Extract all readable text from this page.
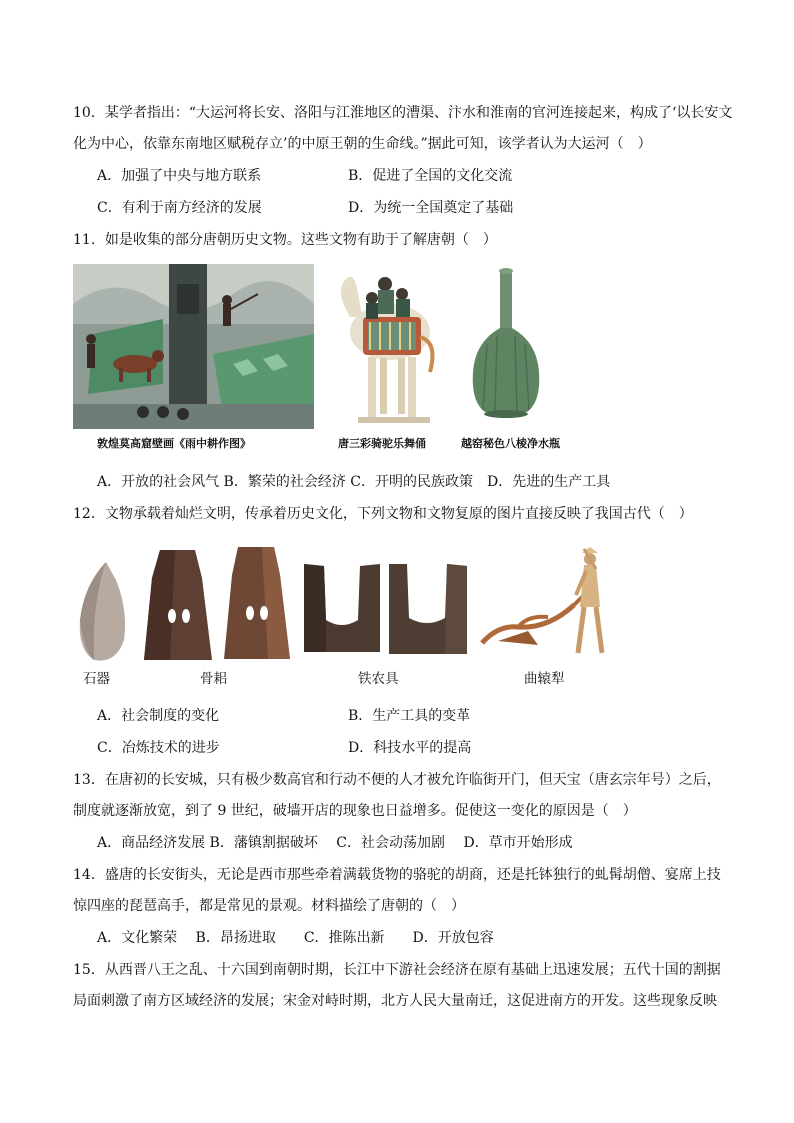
10．某学者指出：“大运河将长安、洛阳与江淮地区的漕渠、汴水和淮南的官河连接起来，构成了‘以长安文
化为中心，依靠东南地区赋税存立’的中原王朝的生命线。”据此可知，该学者认为大运河（　）
A．加强了中央与地方联系	B．促进了全国的文化交流
C．有利于南方经济的发展	D．为统一全国奠定了基础
11．如是收集的部分唐朝历史文物。这些文物有助于了解唐朝（　）
敦煌莫高窟壁画《雨中耕作图》	唐三彩骑驼乐舞俑	越窑秘色八棱净水瓶
A．开放的社会风气 B．繁荣的社会经济 C．开明的民族政策　D．先进的生产工具
12．文物承载着灿烂文明，传承着历史文化，下列文物和文物复原的图片直接反映了我国古代（　）
石器	骨耜	铁农具	曲辕犁
A．社会制度的变化	B．生产工具的变革
C．冶炼技术的进步	D．科技水平的提高
13．在唐初的长安城，只有极少数高官和行动不便的人才被允许临街开门，但天宝（唐玄宗年号）之后，
制度就逐渐放宽，到了 9 世纪，破墙开店的现象也日益增多。促使这一变化的原因是（　）
A．商品经济发展 B．藩镇割据破坏　 C．社会动荡加剧　 D．草市开始形成
14．盛唐的长安街头，无论是西市那些牵着满载货物的骆驼的胡商，还是托钵独行的虬髯胡僧、宴席上技
惊四座的琵琶高手，都是常见的景观。材料描绘了唐朝的（　）
A．文化繁荣　 B．昂扬进取　　C．推陈出新　　D．开放包容
15．从西晋八王之乱、十六国到南朝时期，长江中下游社会经济在原有基础上迅速发展；五代十国的割据
局面刺激了南方区域经济的发展；宋金对峙时期，北方人民大量南迁，这促进南方的开发。这些现象反映
